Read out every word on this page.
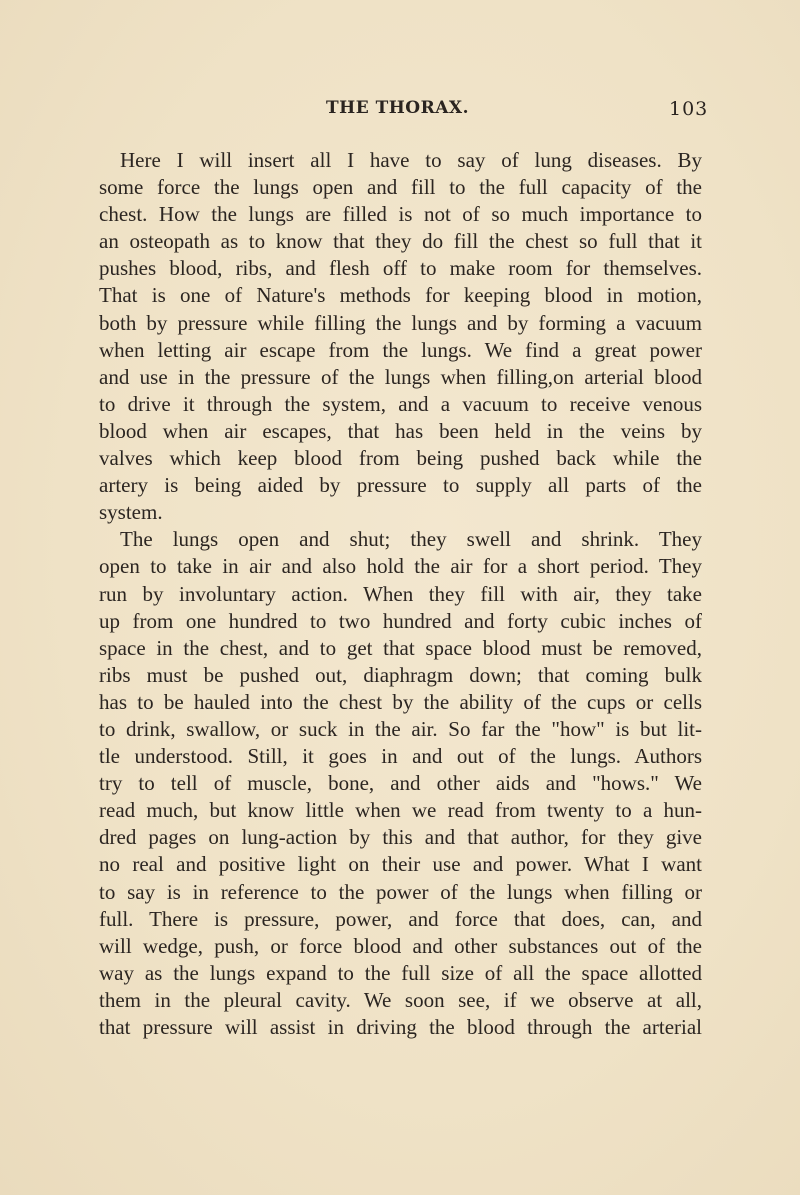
THE THORAX.	103
Here I will insert all I have to say of lung diseases. By
some force the lungs open and fill to the full capacity of the
chest. How the lungs are filled is not of so much importance to
an osteopath as to know that they do fill the chest so full that it
pushes blood, ribs, and flesh off to make room for themselves.
That is one of Nature's methods for keeping blood in motion,
both by pressure while filling the lungs and by forming a vacuum
when letting air escape from the lungs. We find a great power
and use in the pressure of the lungs when filling,on arterial blood
to drive it through the system, and a vacuum to receive venous
blood when air escapes, that has been held in the veins by
valves which keep blood from being pushed back while the
artery is being aided by pressure to supply all parts of the
system.
The lungs open and shut; they swell and shrink. They
open to take in air and also hold the air for a short period. They
run by involuntary action. When they fill with air, they take
up from one hundred to two hundred and forty cubic inches of
space in the chest, and to get that space blood must be removed,
ribs must be pushed out, diaphragm down; that coming bulk
has to be hauled into the chest by the ability of the cups or cells
to drink, swallow, or suck in the air. So far the "how" is but lit-
tle understood. Still, it goes in and out of the lungs. Authors
try to tell of muscle, bone, and other aids and "hows." We
read much, but know little when we read from twenty to a hun-
dred pages on lung-action by this and that author, for they give
no real and positive light on their use and power. What I want
to say is in reference to the power of the lungs when filling or
full. There is pressure, power, and force that does, can, and
will wedge, push, or force blood and other substances out of the
way as the lungs expand to the full size of all the space allotted
them in the pleural cavity. We soon see, if we observe at all,
that pressure will assist in driving the blood through the arterial
